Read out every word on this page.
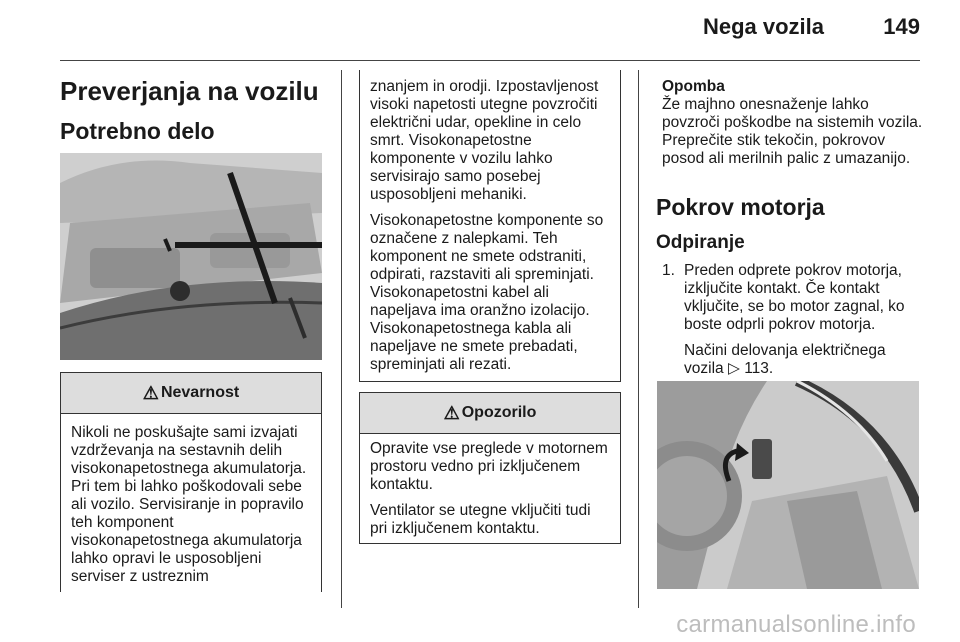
Nega vozila	149
Preverjanja na vozilu
Potrebno delo
⚠ Nevarnost

Nikoli ne poskušajte sami izvajati vzdrževanja na sestavnih delih visokonapetostnega akumulatorja. Pri tem bi lahko poškodovali sebe ali vozilo. Servisiranje in popravilo teh komponent visokonapetostnega akumulatorja lahko opravi le usposobljeni serviser z ustreznim

znanjem in orodji. Izpostavljenost visoki napetosti utegne povzročiti električni udar, opekline in celo smrt. Visokonapetostne komponente v vozilu lahko servisirajo samo posebej usposobljeni mehaniki.

Visokonapetostne komponente so označene z nalepkami. Teh komponent ne smete odstraniti, odpirati, razstaviti ali spreminjati. Visokonapetostni kabel ali napeljava ima oranžno izolacijo. Visokonapetostnega kabla ali napeljave ne smete prebadati, spreminjati ali rezati.

⚠ Opozorilo

Opravite vse preglede v motornem prostoru vedno pri izključenem kontaktu.

Ventilator se utegne vključiti tudi pri izključenem kontaktu.

Opomba

Že majhno onesnaženje lahko povzroči poškodbe na sistemih vozila. Preprečite stik tekočin, pokrovov posod ali merilnih palic z umazanijo.

Pokrov motorja
Odpiranje
1. Preden odprete pokrov motorja, izključite kontakt. Če kontakt vključite, se bo motor zagnal, ko boste odprli pokrov motorja.

Načini delovanja električnega vozila ▷ 113.

carmanualsonline.info
